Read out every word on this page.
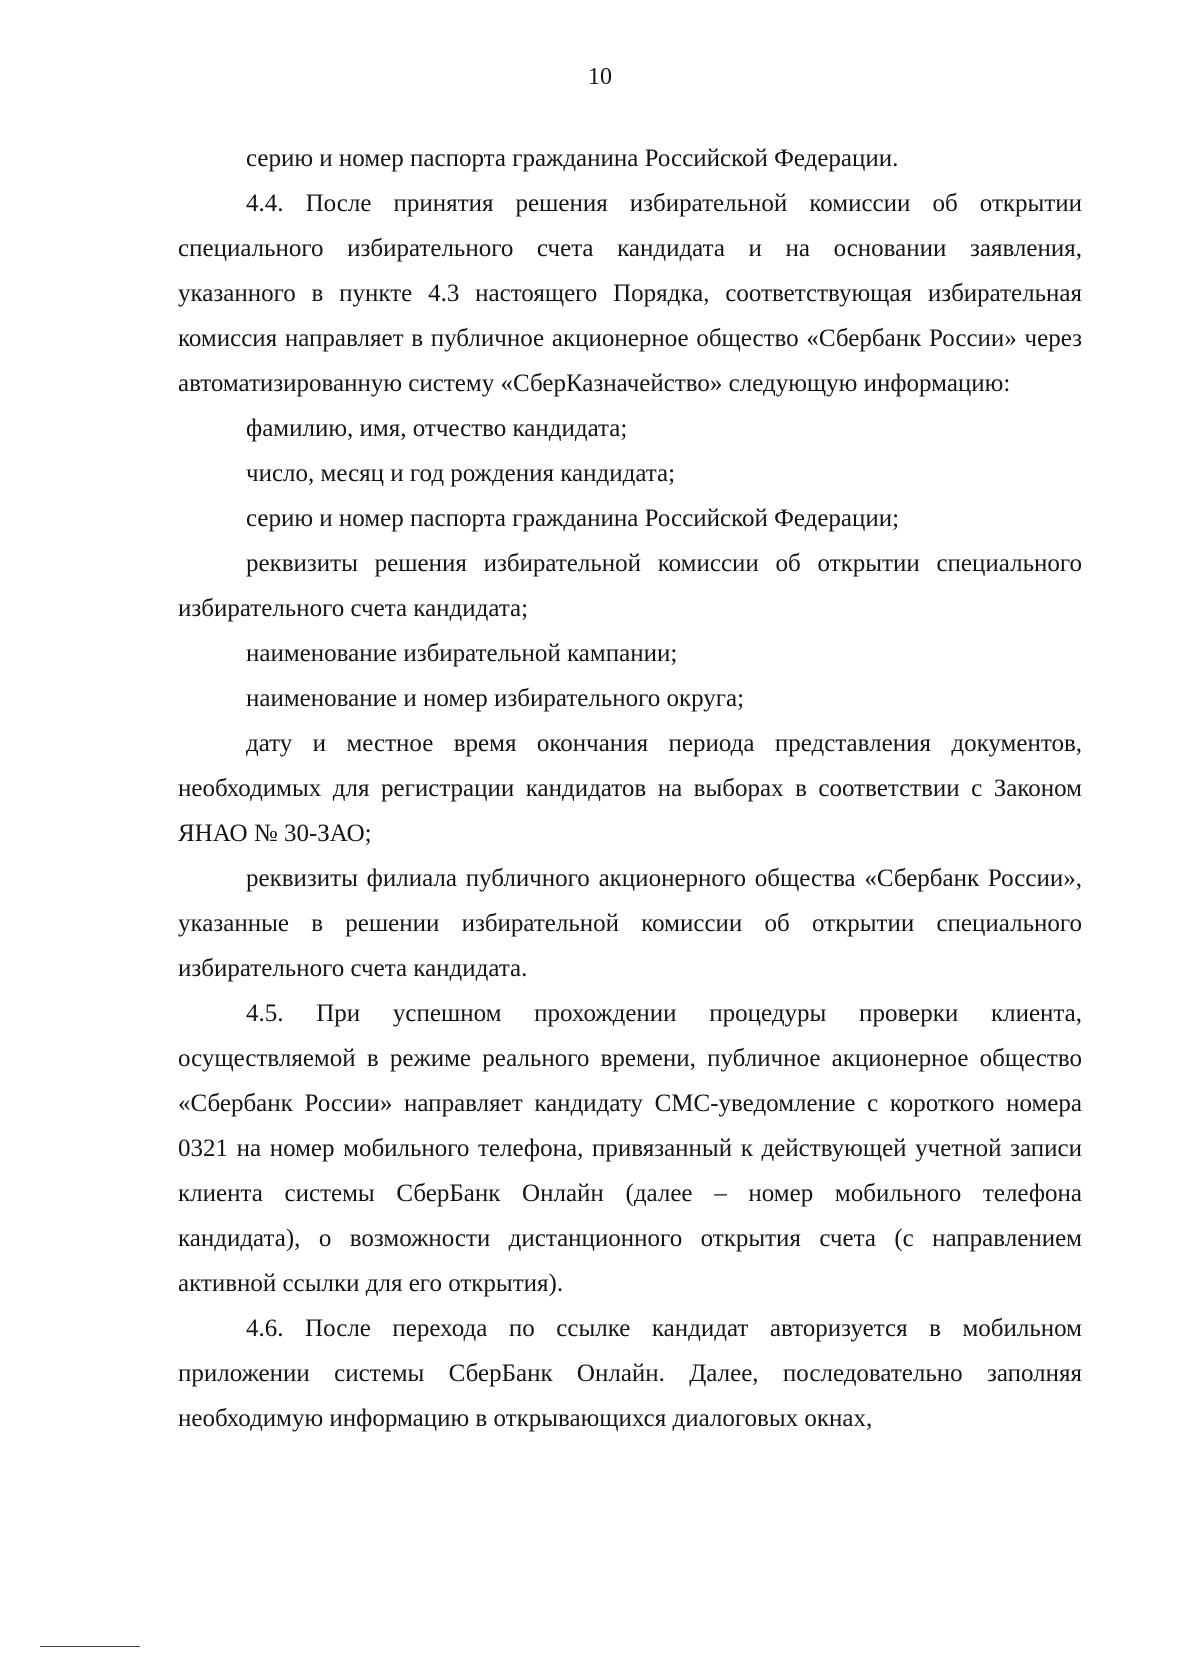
10

серию и номер паспорта гражданина Российской Федерации.

4.4. После принятия решения избирательной комиссии об открытии специального избирательного счета кандидата и на основании заявления, указанного в пункте 4.3 настоящего Порядка, соответствующая избирательная комиссия направляет в публичное акционерное общество «Сбербанк России» через автоматизированную систему «СберКазначейство» следующую информацию:

фамилию, имя, отчество кандидата;

число, месяц и год рождения кандидата;

серию и номер паспорта гражданина Российской Федерации;

реквизиты решения избирательной комиссии об открытии специального избирательного счета кандидата;

наименование избирательной кампании;

наименование и номер избирательного округа;

дату и местное время окончания периода представления документов, необходимых для регистрации кандидатов на выборах в соответствии с Законом ЯНАО № 30-ЗАО;

реквизиты филиала публичного акционерного общества «Сбербанк России», указанные в решении избирательной комиссии об открытии специального избирательного счета кандидата.

4.5. При успешном прохождении процедуры проверки клиента, осуществляемой в режиме реального времени, публичное акционерное общество «Сбербанк России» направляет кандидату СМС-уведомление с короткого номера 0321 на номер мобильного телефона, привязанный к действующей учетной записи клиента системы СберБанк Онлайн (далее – номер мобильного телефона кандидата), о возможности дистанционного открытия счета (с направлением активной ссылки для его открытия).

4.6. После перехода по ссылке кандидат авторизуется в мобильном приложении системы СберБанк Онлайн. Далее, последовательно заполняя необходимую информацию в открывающихся диалоговых окнах,
